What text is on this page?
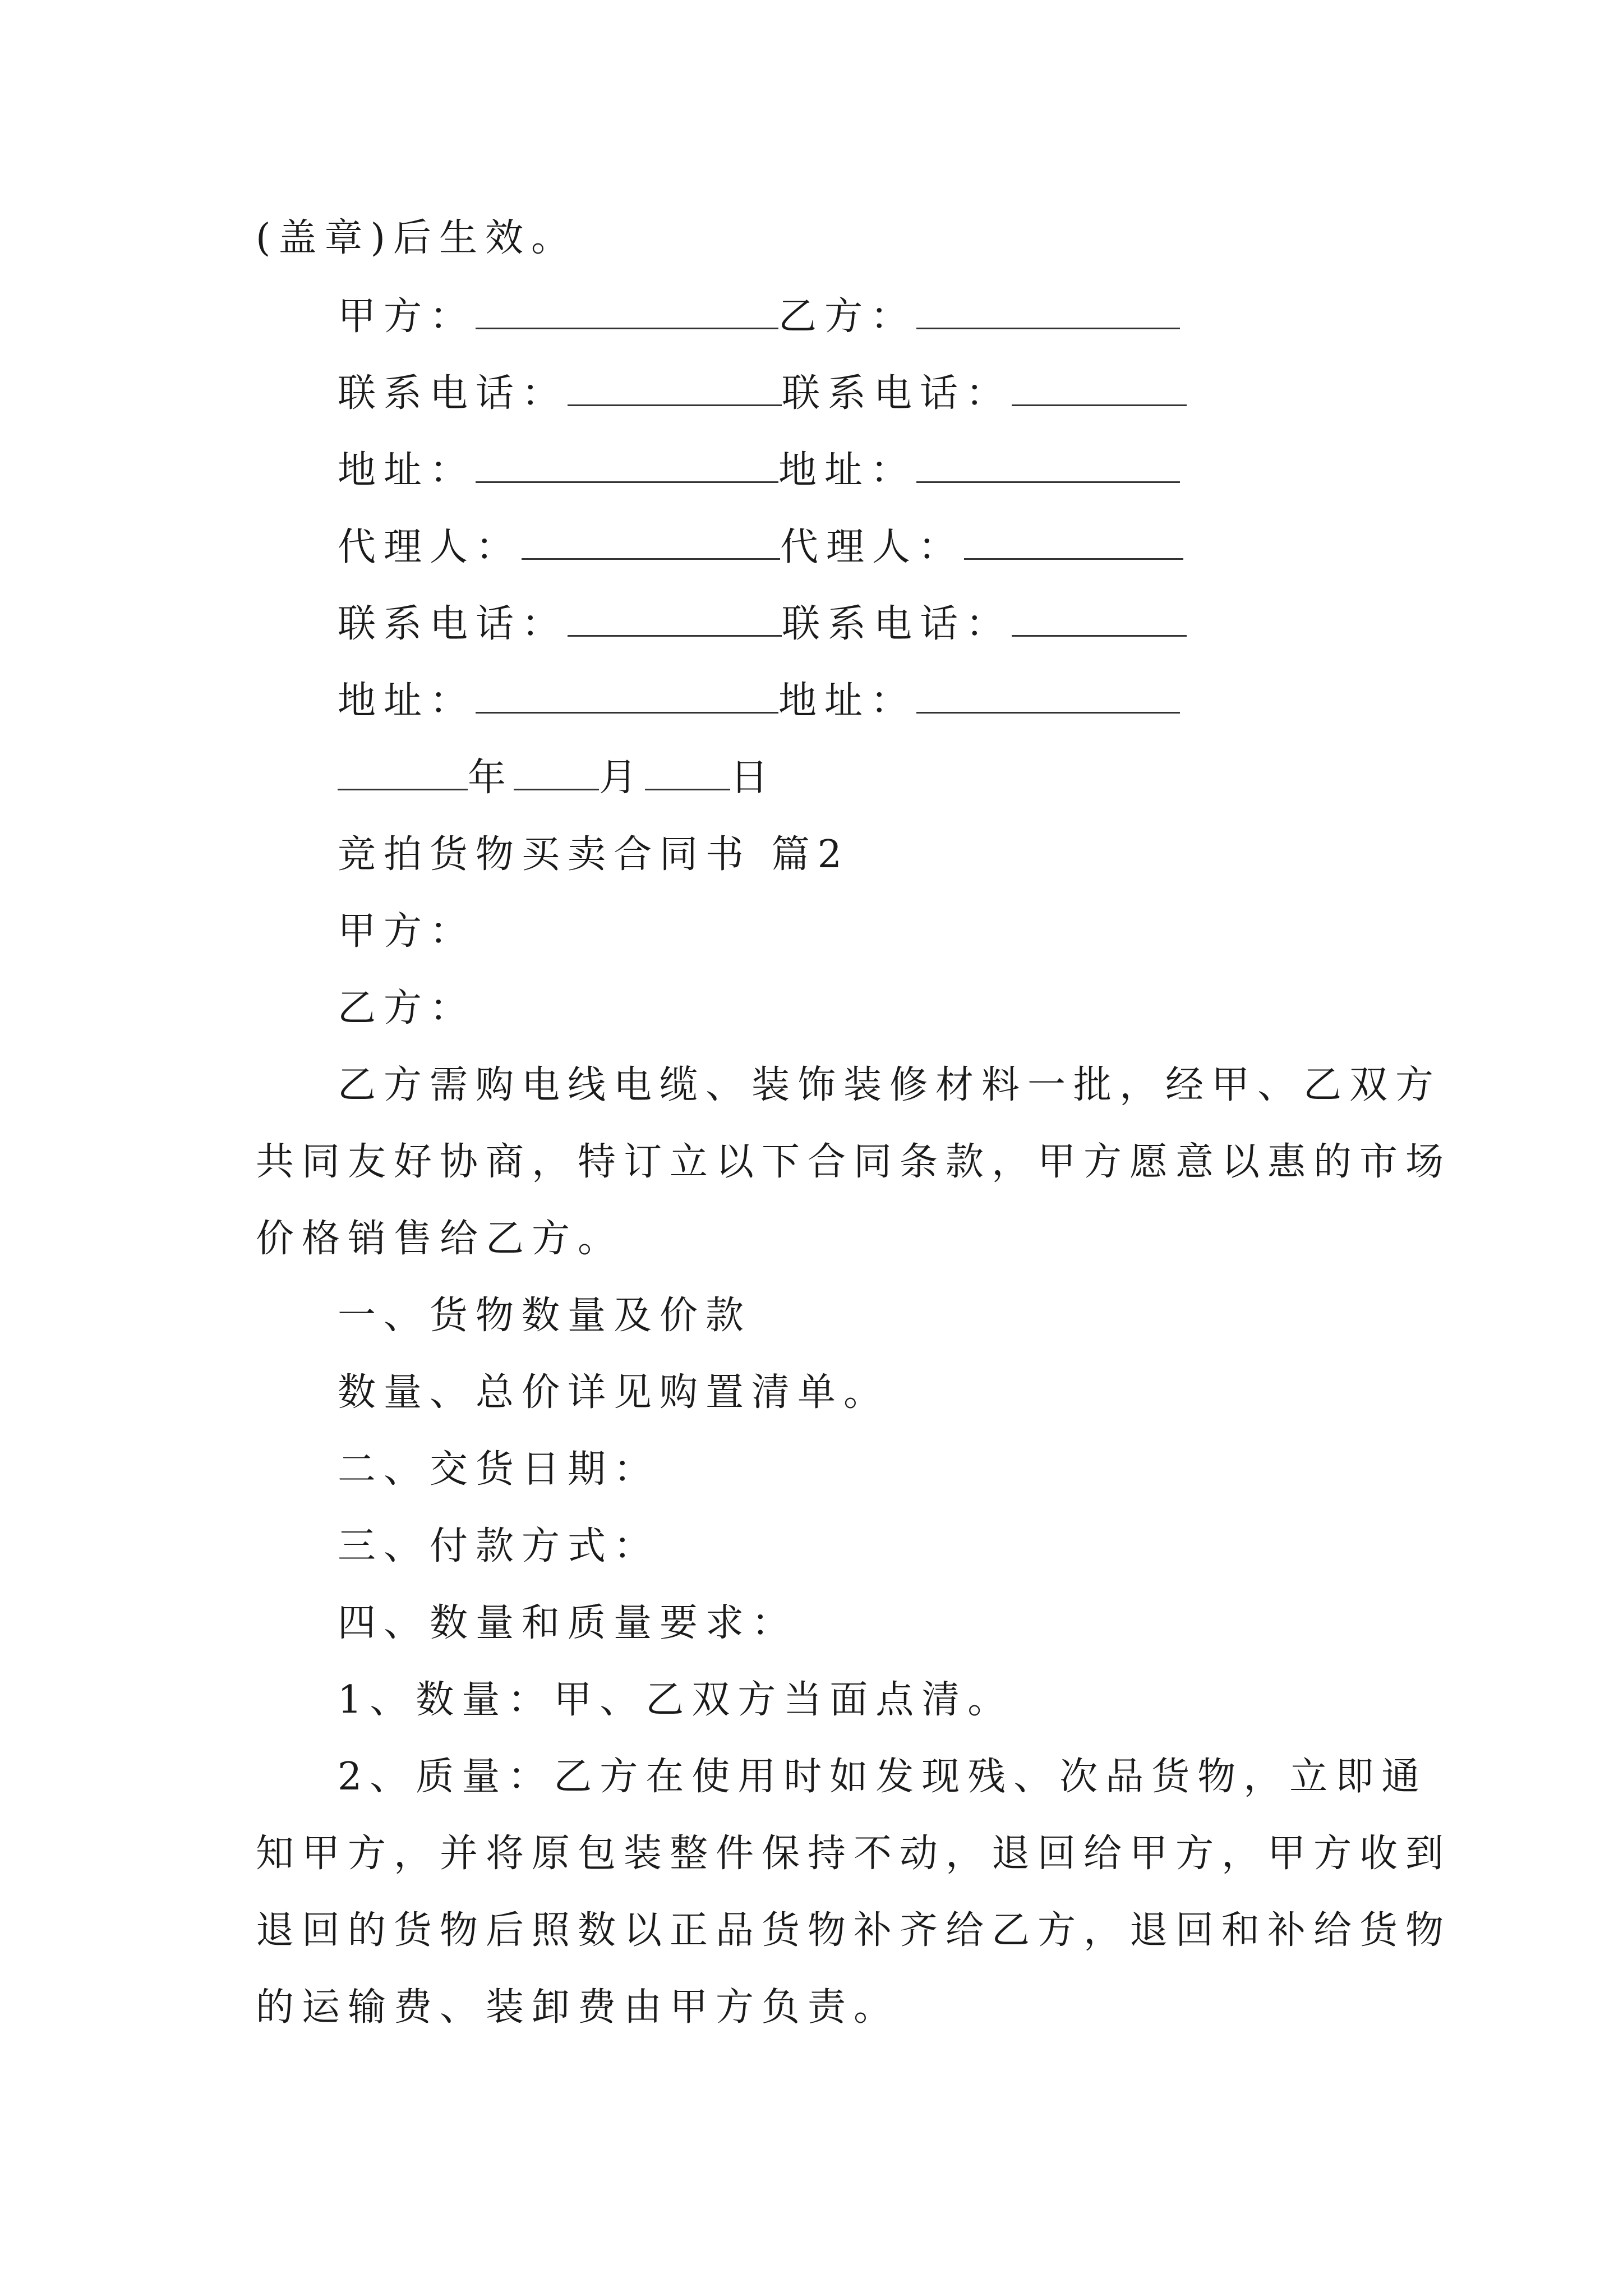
(盖章)后生效。
甲方：	乙方：
联系电话：	联系电话：
地址：	地址：
代理人：	代理人：
联系电话：	联系电话：
地址：	地址：
年 月 日
竞拍货物买卖合同书 篇2
甲方：
乙方：
乙方需购电线电缆、装饰装修材料一批，经甲、乙双方
共同友好协商，特订立以下合同条款，甲方愿意以惠的市场
价格销售给乙方。
一、货物数量及价款
数量、总价详见购置清单。
二、交货日期：
三、付款方式：
四、数量和质量要求：
1、数量：甲、乙双方当面点清。
2、质量：乙方在使用时如发现残、次品货物，立即通
知甲方，并将原包装整件保持不动，退回给甲方，甲方收到
退回的货物后照数以正品货物补齐给乙方，退回和补给货物
的运输费、装卸费由甲方负责。
